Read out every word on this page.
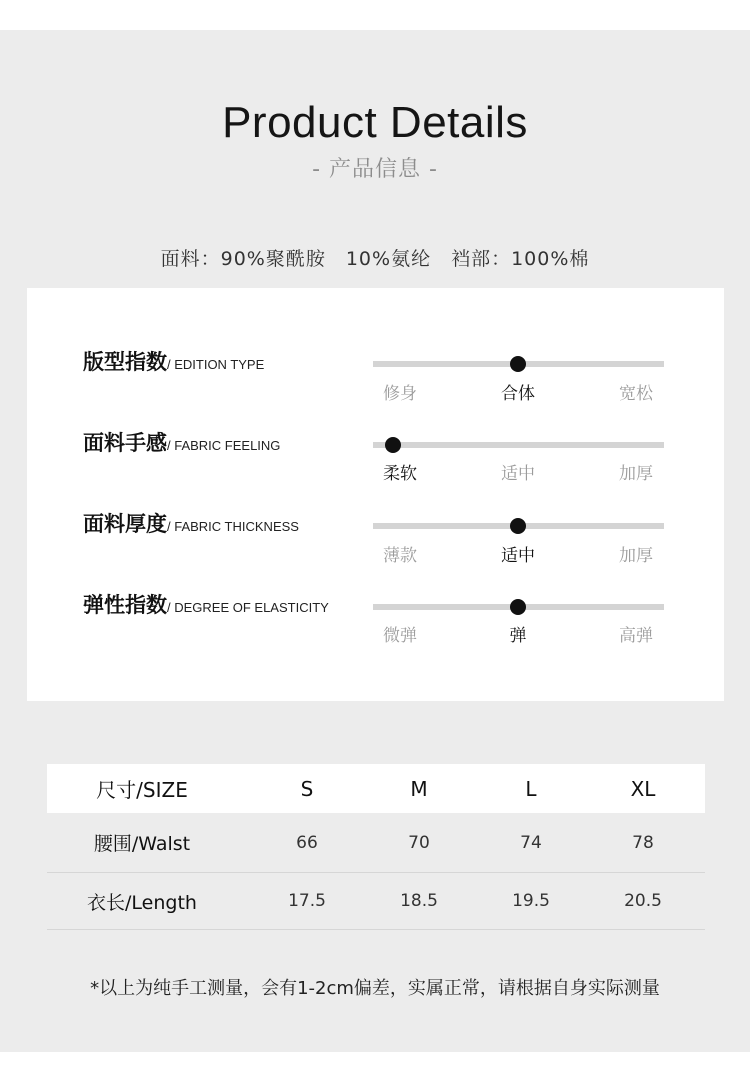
Product Details
- 产品信息 -
面料：90%聚酰胺　10%氨纶　裆部：100%棉
版型指数/ EDITION TYPE
修身	合体	宽松
面料手感/ FABRIC FEELING
柔软	适中	加厚
面料厚度/ FABRIC THICKNESS
薄款	适中	加厚
弹性指数/ DEGREE OF ELASTICITY
微弹	弹	高弹
尺寸/SIZE	S	M	L	XL
腰围/Walst	66	70	74	78
衣长/Length	17.5	18.5	19.5	20.5
*以上为纯手工测量，会有1-2cm偏差，实属正常，请根据自身实际测量
